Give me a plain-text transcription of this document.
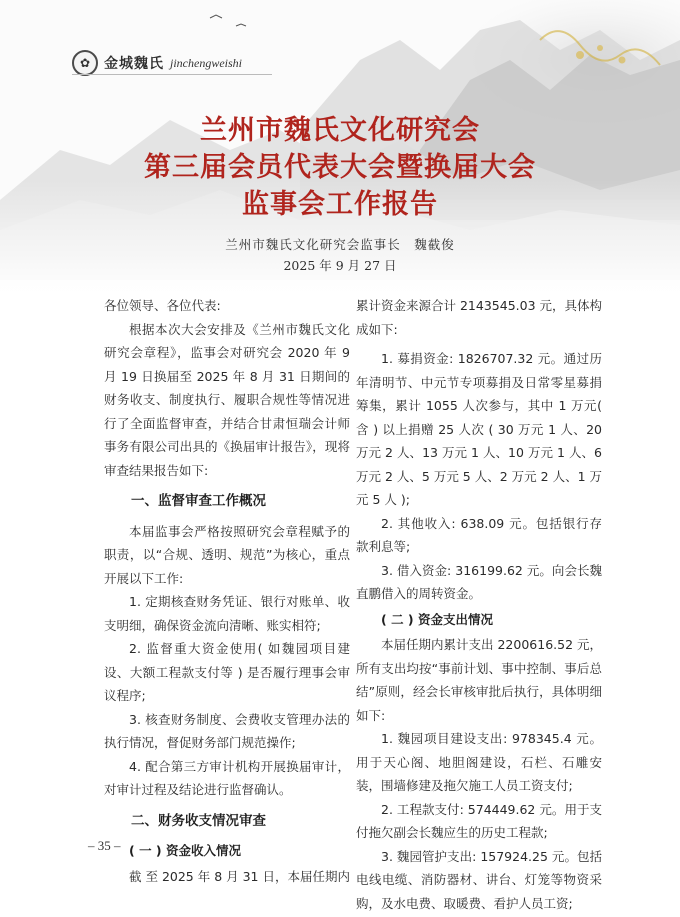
✿ 金城魏氏 jinchengweishi
兰州市魏氏文化研究会
第三届会员代表大会暨换届大会
监事会工作报告
兰州市魏氏文化研究会监事长　魏截俊
2025 年 9 月 27 日

各位领导、各位代表:

根据本次大会安排及《兰州市魏氏文化研究会章程》，监事会对研究会 2020 年 9 月 19 日换届至 2025 年 8 月 31 日期间的财务收支、制度执行、履职合规性等情况进行了全面监督审查，并结合甘肃恒瑞会计师事务有限公司出具的《换届审计报告》，现将审查结果报告如下:

一、监督审查工作概况

本届监事会严格按照研究会章程赋予的职责，以“合规、透明、规范”为核心，重点开展以下工作:

1. 定期核查财务凭证、银行对账单、收支明细，确保资金流向清晰、账实相符;

2. 监督重大资金使用( 如魏园项目建设、大额工程款支付等 ) 是否履行理事会审议程序;

3. 核查财务制度、会费收支管理办法的执行情况，督促财务部门规范操作;

4. 配合第三方审计机构开展换届审计，对审计过程及结论进行监督确认。

二、财务收支情况审查

( 一 ) 资金收入情况

截 至 2025 年 8 月 31 日，本届任期内

累计资金来源合计 2143545.03 元，具体构成如下:

1. 募捐资金: 1826707.32 元。通过历年清明节、中元节专项募捐及日常零星募捐筹集，累计 1055 人次参与，其中 1 万元( 含 ) 以上捐赠 25 人次 ( 30 万元 1 人、20 万元 2 人、13 万元 1 人、10 万元 1 人、6 万元 2 人、5 万元 5 人、2 万元 2 人、1 万元 5 人 );

2. 其他收入: 638.09 元。包括银行存款利息等;

3. 借入资金: 316199.62 元。向会长魏直鹏借入的周转资金。

( 二 ) 资金支出情况

本届任期内累计支出 2200616.52 元，所有支出均按“事前计划、事中控制、事后总结”原则，经会长审核审批后执行，具体明细如下:

1. 魏园项目建设支出: 978345.4 元。用于天心阁、地胆阁建设，石栏、石雕安装，围墙修建及拖欠施工人员工资支付;

2. 工程款支付: 574449.62 元。用于支付拖欠副会长魏应生的历史工程款;

3. 魏园管护支出: 157924.25 元。包括电线电缆、消防器材、讲台、灯笼等物资采购，及水电费、取暖费、看护人员工资;

– 35 –
